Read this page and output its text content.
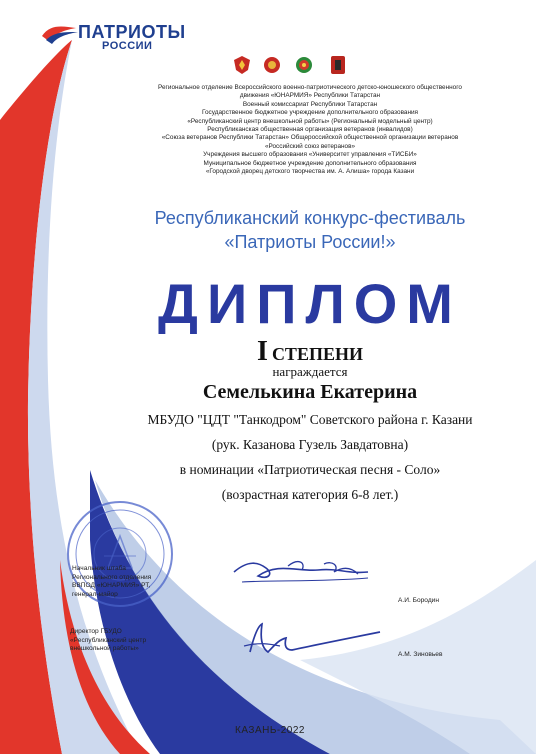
ПАТРИОТЫ
РОССИИ
Региональное отделение Всероссийского военно-патриотического детско-юношеского общественного
движения «ЮНАРМИЯ» Республики Татарстан
Военный комиссариат Республики Татарстан
Государственное бюджетное учреждение дополнительного образования
«Республиканский центр внешкольной работы» (Региональный модельный центр)
Республиканская общественная организация ветеранов (инвалидов)
«Союза ветеранов Республики Татарстан» Общероссийской общественной организации ветеранов
«Российский союз ветеранов»
Учреждения высшего образования «Университет управления «ТИСБИ»
Муниципальное бюджетное учреждение дополнительного образования
«Городской дворец детского творчества им. А. Алиша» города Казани
Республиканский конкурс-фестиваль
«Патриоты России!»
ДИПЛОМ
I СТЕПЕНИ
награждается
Семелькина Екатерина
МБУДО "ЦДТ "Танкодром" Советского района г. Казани
(рук. Казанова Гузель Завдатовна)
в номинации «Патриотическая песня - Соло»
(возрастная категория 6-8 лет.)
Начальник штаба
Регионального отделения
ВВПОД «ЮНАРМИЯ» РТ,
генерал-майор
А.И. Бородин
Директор ГБУДО
«Республиканский центр
внешкольной работы»
А.М. Зиновьев
КАЗАНЬ-2022
